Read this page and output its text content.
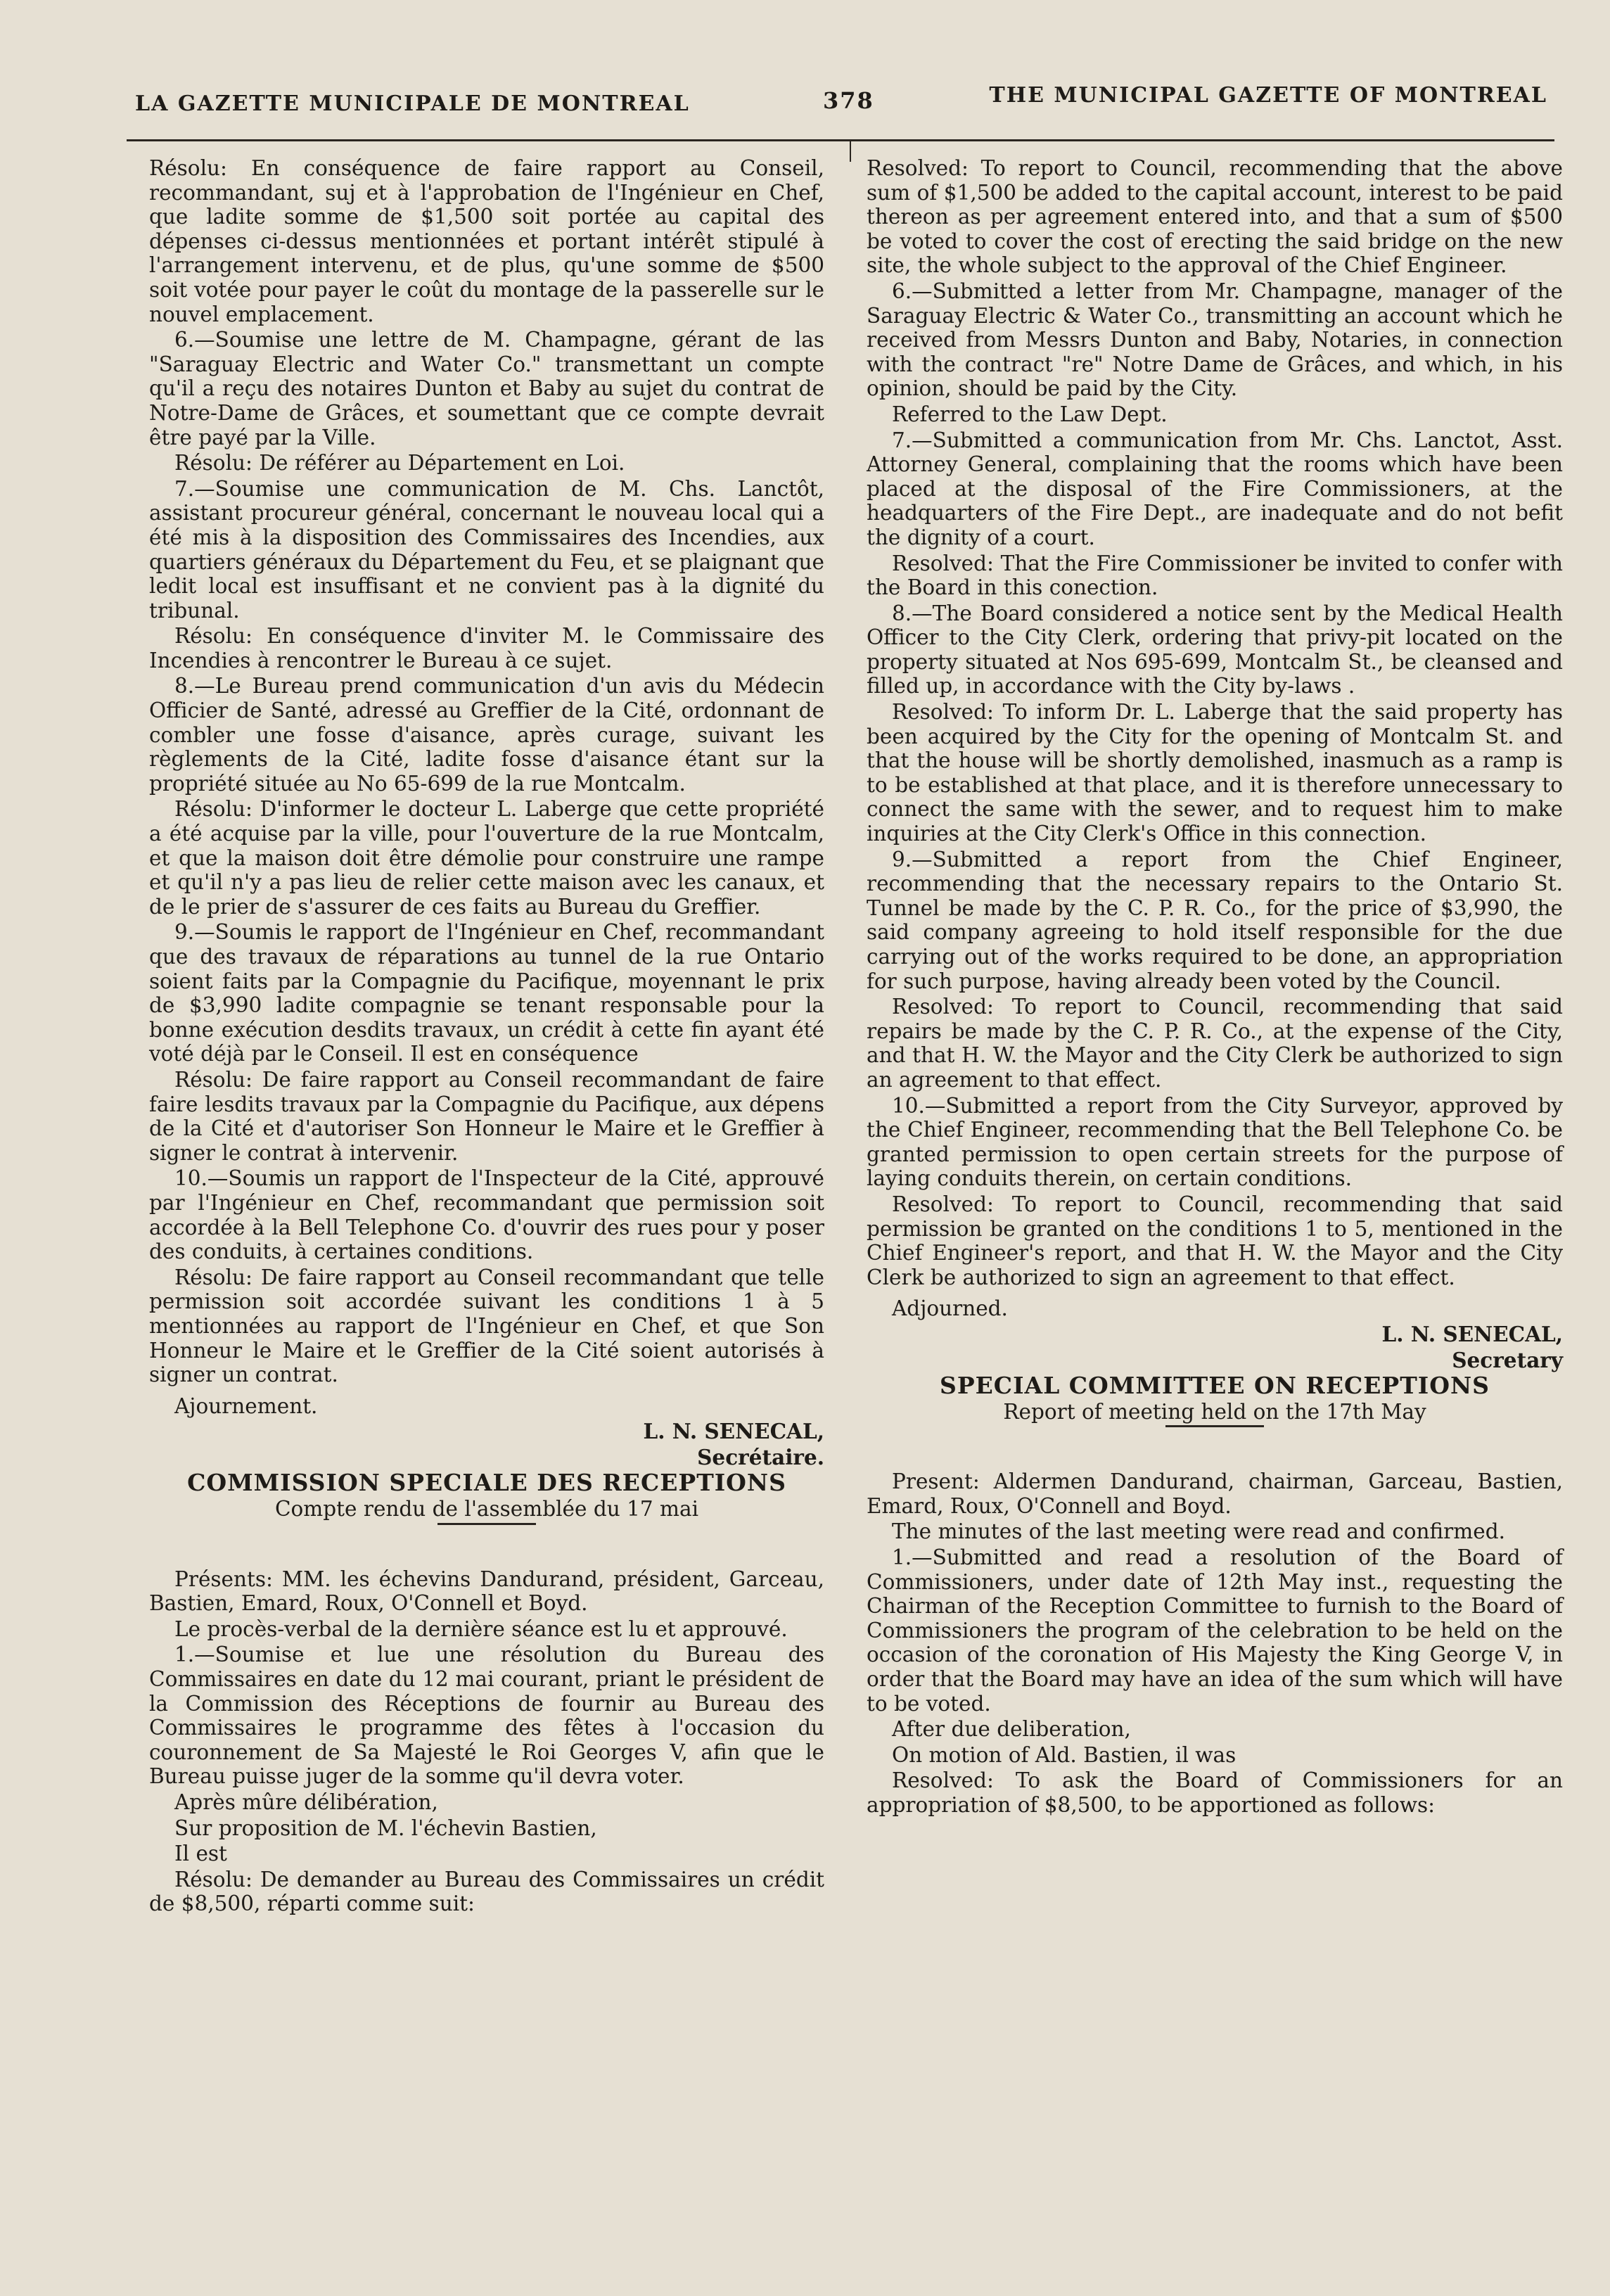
LA GAZETTE MUNICIPALE DE MONTREAL	378	THE MUNICIPAL GAZETTE OF MONTREAL

Résolu: En conséquence de faire rapport au Conseil, recommandant, suj et à l'approbation de l'Ingénieur en Chef, que ladite somme de $1,500 soit portée au capital des dépenses ci-dessus mentionnées et portant intérêt stipulé à l'arrangement intervenu, et de plus, qu'une somme de $500 soit votée pour payer le coût du montage de la passerelle sur le nouvel emplacement.

6.—Soumise une lettre de M. Champagne, gérant de las "Saraguay Electric and Water Co." transmettant un compte qu'il a reçu des notaires Dunton et Baby au sujet du contrat de Notre-Dame de Grâces, et soumettant que ce compte devrait être payé par la Ville.

Résolu: De référer au Département en Loi.

7.—Soumise une communication de M. Chs. Lanctôt, assistant procureur général, concernant le nouveau local qui a été mis à la disposition des Commissaires des Incendies, aux quartiers généraux du Département du Feu, et se plaignant que ledit local est insuffisant et ne convient pas à la dignité du tribunal.

Résolu: En conséquence d'inviter M. le Commissaire des Incendies à rencontrer le Bureau à ce sujet.

8.—Le Bureau prend communication d'un avis du Médecin Officier de Santé, adressé au Greffier de la Cité, ordonnant de combler une fosse d'aisance, après curage, suivant les règlements de la Cité, ladite fosse d'aisance étant sur la propriété située au No 65-699 de la rue Montcalm.

Résolu: D'informer le docteur L. Laberge que cette propriété a été acquise par la ville, pour l'ouverture de la rue Montcalm, et que la maison doit être démolie pour construire une rampe et qu'il n'y a pas lieu de relier cette maison avec les canaux, et de le prier de s'assurer de ces faits au Bureau du Greffier.

9.—Soumis le rapport de l'Ingénieur en Chef, recommandant que des travaux de réparations au tunnel de la rue Ontario soient faits par la Compagnie du Pacifique, moyennant le prix de $3,990 ladite compagnie se tenant responsable pour la bonne exécution desdits travaux, un crédit à cette fin ayant été voté déjà par le Conseil. Il est en conséquence

Résolu: De faire rapport au Conseil recommandant de faire faire lesdits travaux par la Compagnie du Pacifique, aux dépens de la Cité et d'autoriser Son Honneur le Maire et le Greffier à signer le contrat à intervenir.

10.—Soumis un rapport de l'Inspecteur de la Cité, approuvé par l'Ingénieur en Chef, recommandant que permission soit accordée à la Bell Telephone Co. d'ouvrir des rues pour y poser des conduits, à certaines conditions.

Résolu: De faire rapport au Conseil recommandant que telle permission soit accordée suivant les conditions 1 à 5 mentionnées au rapport de l'Ingénieur en Chef, et que Son Honneur le Maire et le Greffier de la Cité soient autorisés à signer un contrat.

Ajournement.

L. N. SENECAL,

Secrétaire.

COMMISSION SPECIALE DES RECEPTIONS

Compte rendu de l'assemblée du 17 mai

Présents: MM. les échevins Dandurand, président, Garceau, Bastien, Emard, Roux, O'Connell et Boyd.

Le procès-verbal de la dernière séance est lu et approuvé.

1.—Soumise et lue une résolution du Bureau des Commissaires en date du 12 mai courant, priant le président de la Commission des Réceptions de fournir au Bureau des Commissaires le programme des fêtes à l'occasion du couronnement de Sa Majesté le Roi Georges V, afin que le Bureau puisse juger de la somme qu'il devra voter.

Après mûre délibération,

Sur proposition de M. l'échevin Bastien,

Il est

Résolu: De demander au Bureau des Commissaires un crédit de $8,500, réparti comme suit:

Resolved: To report to Council, recommending that the above sum of $1,500 be added to the capital account, interest to be paid thereon as per agreement entered into, and that a sum of $500 be voted to cover the cost of erecting the said bridge on the new site, the whole subject to the approval of the Chief Engineer.

6.—Submitted a letter from Mr. Champagne, manager of the Saraguay Electric & Water Co., transmitting an account which he received from Messrs Dunton and Baby, Notaries, in connection with the contract "re" Notre Dame de Grâces, and which, in his opinion, should be paid by the City.

Referred to the Law Dept.

7.—Submitted a communication from Mr. Chs. Lanctot, Asst. Attorney General, complaining that the rooms which have been placed at the disposal of the Fire Commissioners, at the headquarters of the Fire Dept., are inadequate and do not befit the dignity of a court.

Resolved: That the Fire Commissioner be invited to confer with the Board in this conection.

8.—The Board considered a notice sent by the Medical Health Officer to the City Clerk, ordering that privy-pit located on the property situated at Nos 695-699, Montcalm St., be cleansed and filled up, in accordance with the City by-laws .

Resolved: To inform Dr. L. Laberge that the said property has been acquired by the City for the opening of Montcalm St. and that the house will be shortly demolished, inasmuch as a ramp is to be established at that place, and it is therefore unnecessary to connect the same with the sewer, and to request him to make inquiries at the City Clerk's Office in this connection.

9.—Submitted a report from the Chief Engineer, recommending that the necessary repairs to the Ontario St. Tunnel be made by the C. P. R. Co., for the price of $3,990, the said company agreeing to hold itself responsible for the due carrying out of the works required to be done, an appropriation for such purpose, having already been voted by the Council.

Resolved: To report to Council, recommending that said repairs be made by the C. P. R. Co., at the expense of the City, and that H. W. the Mayor and the City Clerk be authorized to sign an agreement to that effect.

10.—Submitted a report from the City Surveyor, approved by the Chief Engineer, recommending that the Bell Telephone Co. be granted permission to open certain streets for the purpose of laying conduits therein, on certain conditions.

Resolved: To report to Council, recommending that said permission be granted on the conditions 1 to 5, mentioned in the Chief Engineer's report, and that H. W. the Mayor and the City Clerk be authorized to sign an agreement to that effect.

Adjourned.

L. N. SENECAL,

Secretary

SPECIAL COMMITTEE ON RECEPTIONS

Report of meeting held on the 17th May

Present: Aldermen Dandurand, chairman, Garceau, Bastien, Emard, Roux, O'Connell and Boyd.

The minutes of the last meeting were read and confirmed.

1.—Submitted and read a resolution of the Board of Commissioners, under date of 12th May inst., requesting the Chairman of the Reception Committee to furnish to the Board of Commissioners the program of the celebration to be held on the occasion of the coronation of His Majesty the King George V, in order that the Board may have an idea of the sum which will have to be voted.

After due deliberation,

On motion of Ald. Bastien, il was

Resolved: To ask the Board of Commissioners for an appropriation of $8,500, to be apportioned as follows:
